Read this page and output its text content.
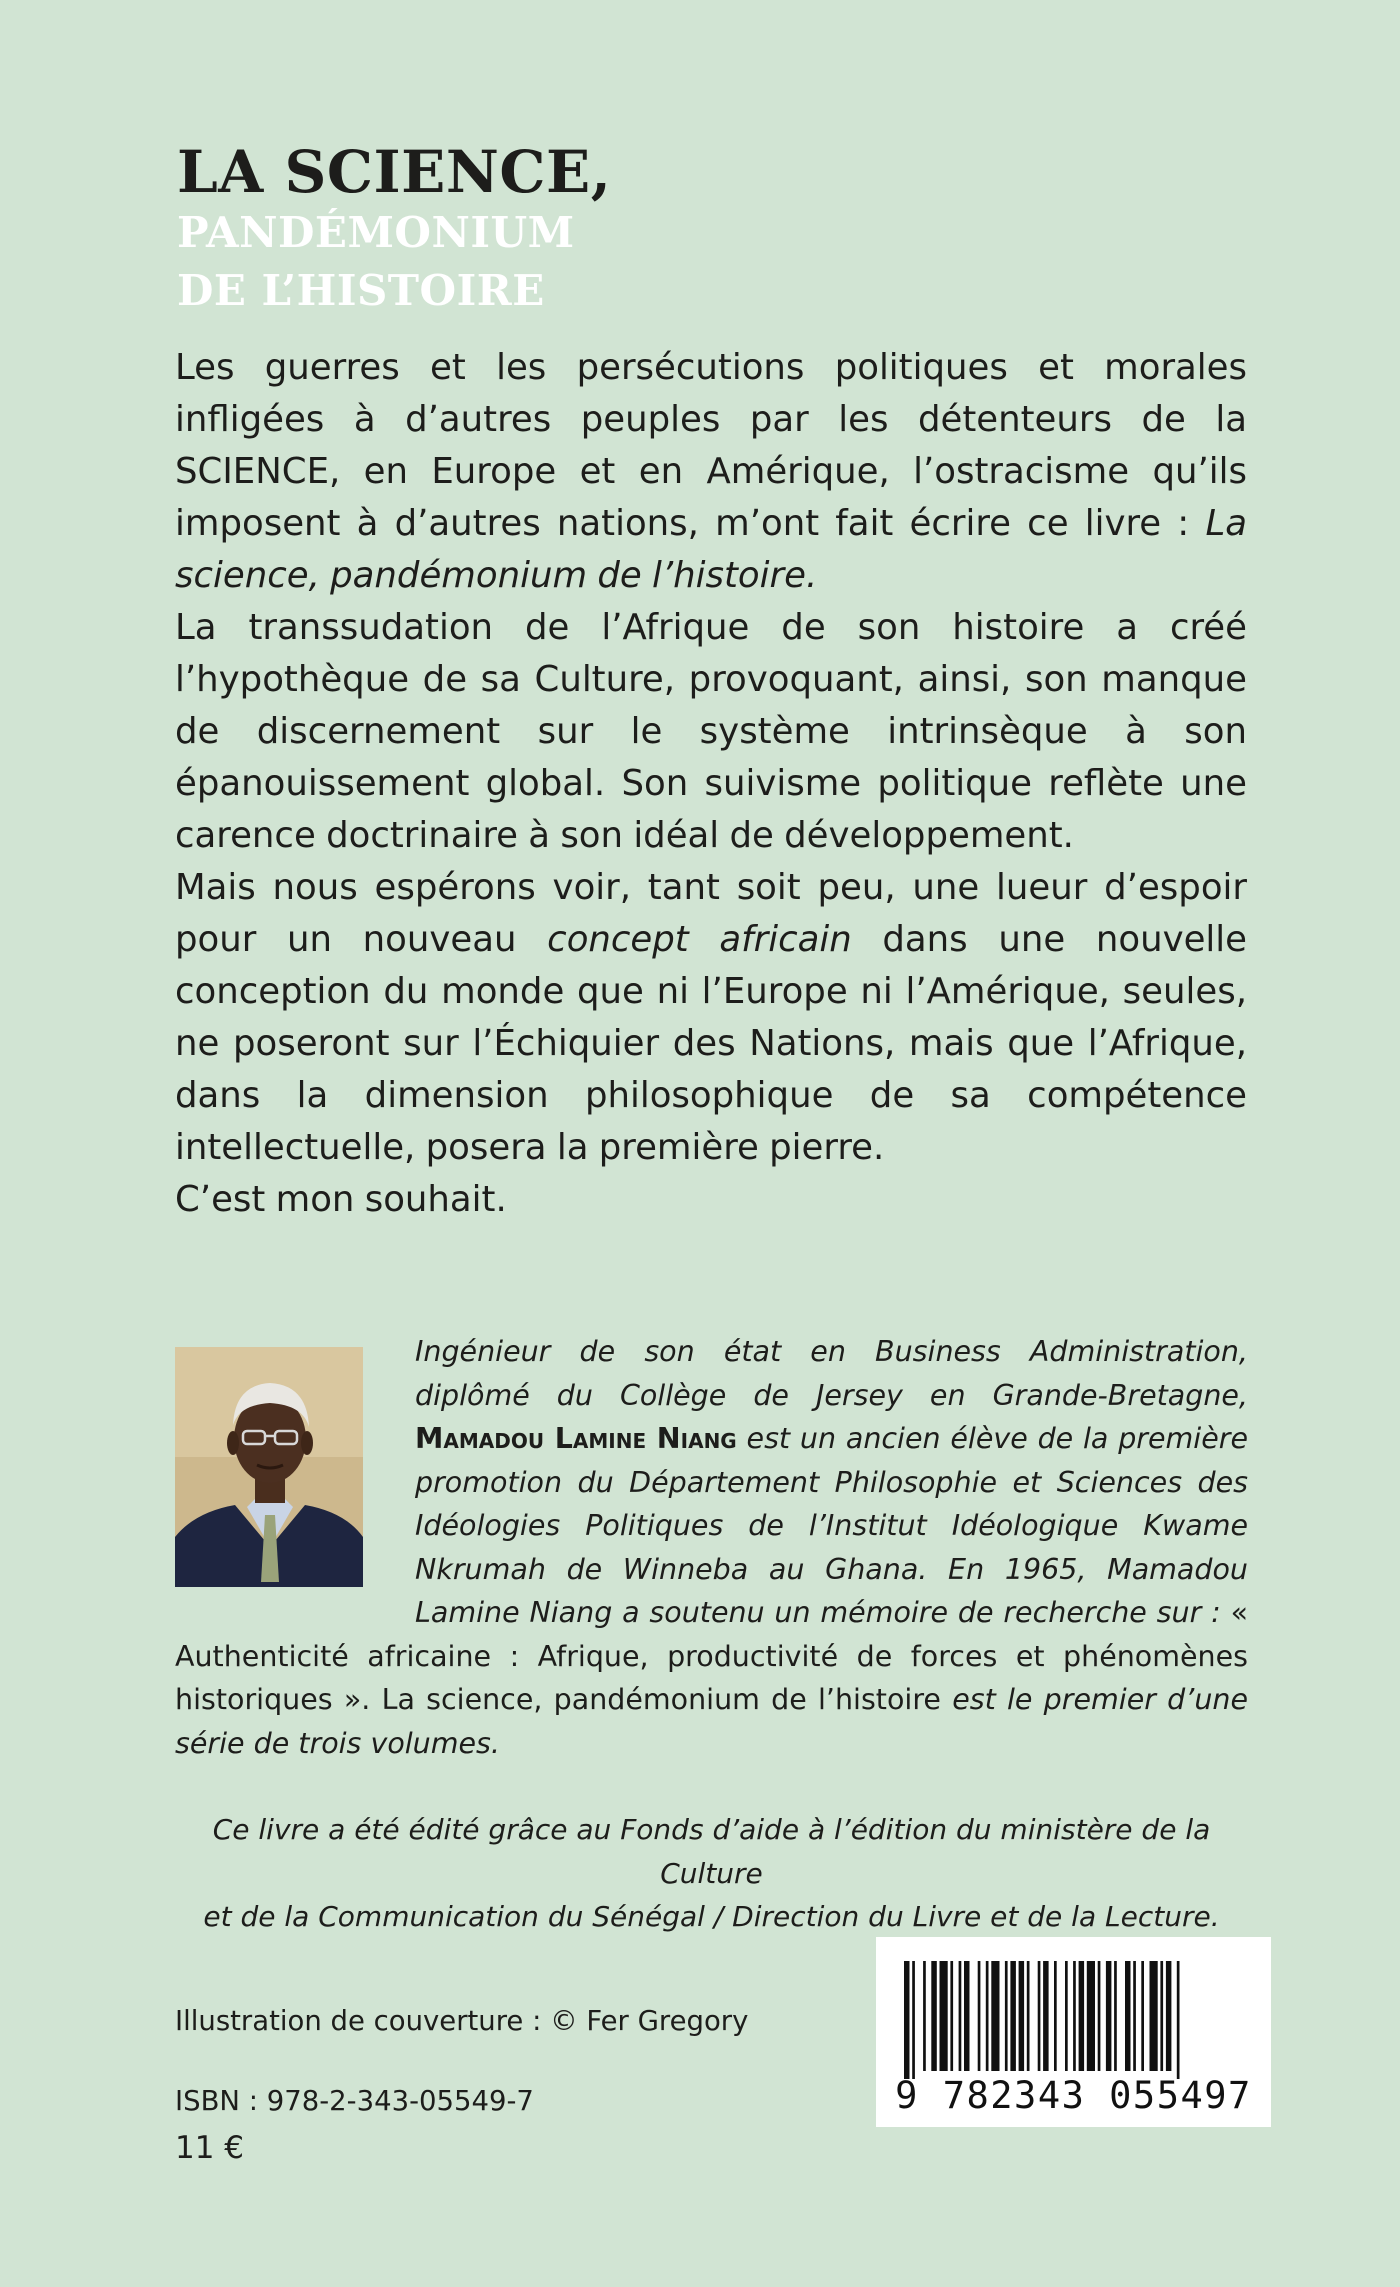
LA SCIENCE,
PANDÉMONIUM
DE L’HISTOIRE

Les guerres et les persécutions politiques et morales infligées à d’autres peuples par les détenteurs de la SCIENCE, en Europe et en Amérique, l’ostracisme qu’ils imposent à d’autres nations, m’ont fait écrire ce livre : La science, pandémonium de l’histoire.

La transsudation de l’Afrique de son histoire a créé l’hypothèque de sa Culture, provoquant, ainsi, son manque de discernement sur le système intrinsèque à son épanouissement global. Son suivisme politique reflète une carence doctrinaire à son idéal de développement.

Mais nous espérons voir, tant soit peu, une lueur d’espoir pour un nouveau concept africain dans une nouvelle conception du monde que ni l’Europe ni l’Amérique, seules, ne poseront sur l’Échiquier des Nations, mais que l’Afrique, dans la dimension philosophique de sa compétence intellectuelle, posera la première pierre.

C’est mon souhait.

Ingénieur de son état en Business Administration, diplômé du Collège de Jersey en Grande-Bretagne, Mamadou Lamine Niang est un ancien élève de la première promotion du Département Philosophie et Sciences des Idéologies Politiques de l’Institut Idéologique Kwame Nkrumah de Winneba au Ghana. En 1965, Mamadou Lamine Niang a soutenu un mémoire de recherche sur : « Authenticité africaine : Afrique, productivité de forces et phénomènes historiques ». La science, pandémonium de l’histoire est le premier d’une série de trois volumes.
Ce livre a été édité grâce au Fonds d’aide à l’édition du ministère de la Culture
et de la Communication du Sénégal / Direction du Livre et de la Lecture.
Illustration de couverture : © Fer Gregory
ISBN : 978-2-343-05549-7
11 €
9 782343 055497
